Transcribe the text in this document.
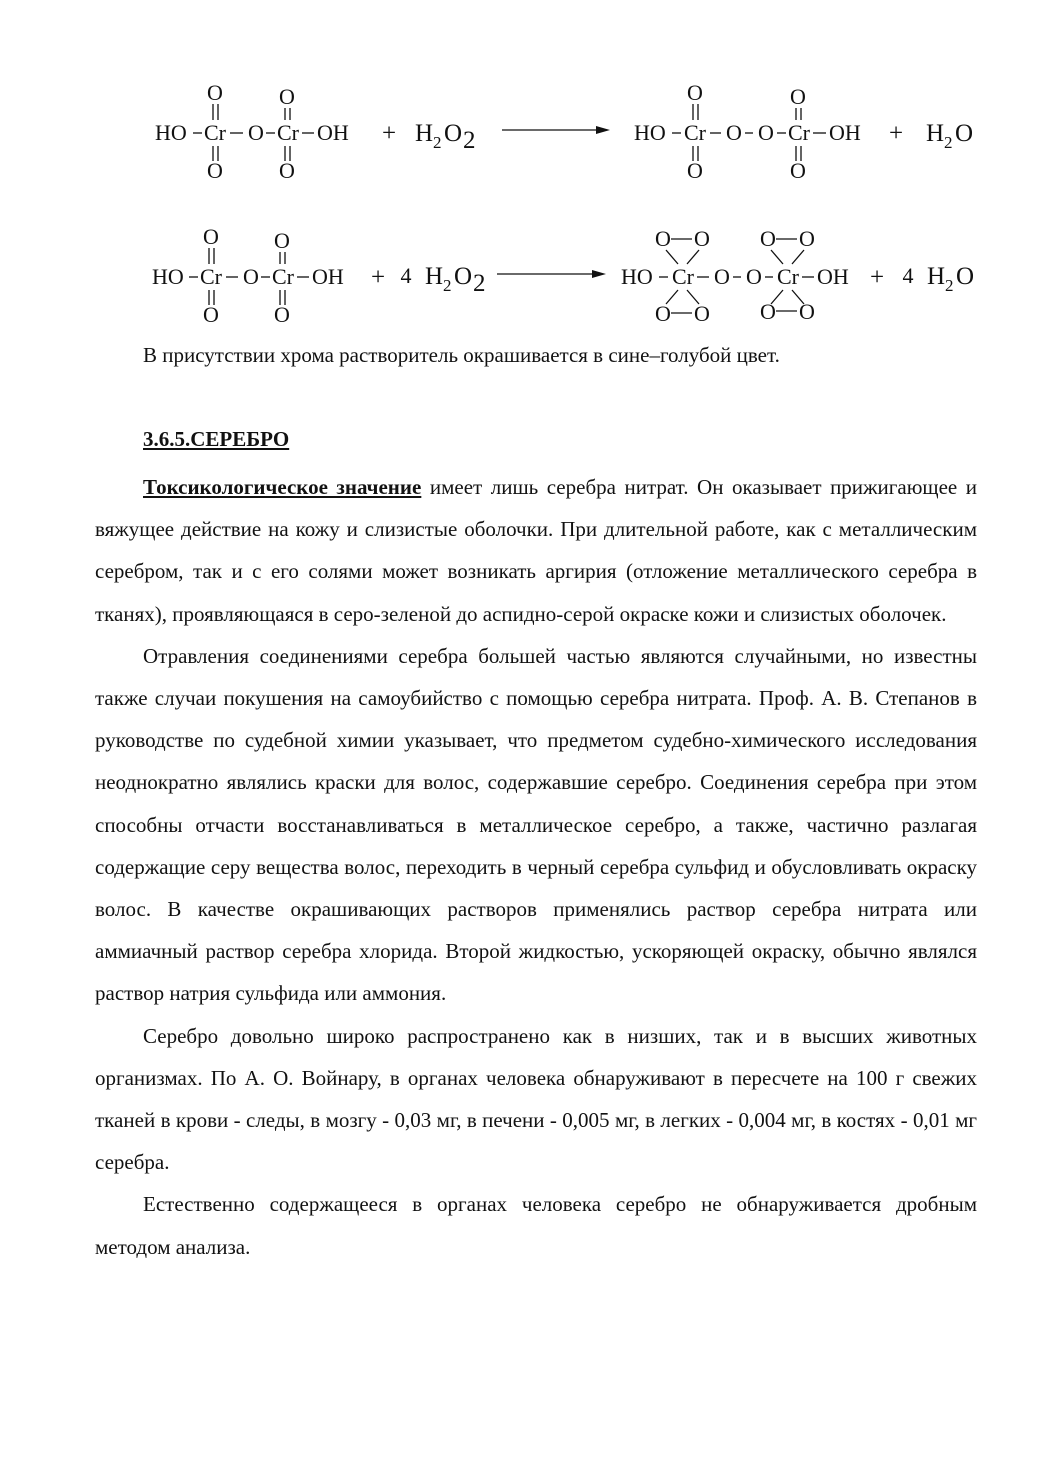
O	O
HO Cr O Cr OH
O	O
+ H 2 O 2
O	O
HO Cr O O Cr OH
O	O
+ H 2 O
O	O
HO Cr O Cr OH
O	O
+ 4 H 2 O 2
O O O O
HO Cr O O Cr OH
O O O O
+ 4 H 2 O
В присутствии хрома растворитель окрашивается в сине–голубой цвет.
3.6.5.СЕРЕБРО

Токсикологическое значение имеет лишь серебра нитрат. Он оказывает прижигающее и вяжущее действие на кожу и слизистые оболочки. При длительной работе, как с металлическим серебром, так и с его солями может возникать аргирия (отложение металлического серебра в тканях), проявляющаяся в серо-зеленой до аспидно-серой окраске кожи и слизистых оболочек.

Отравления соединениями серебра большей частью являются случайными, но известны также случаи покушения на самоубийство с помощью серебра нитрата. Проф. А. В. Степанов в руководстве по судебной химии указывает, что предметом судебно-химического исследования неоднократно являлись краски для волос, содержавшие серебро. Соединения серебра при этом способны отчасти восстанавливаться в металлическое серебро, а также, частично разлагая содержащие серу вещества волос, переходить в черный серебра сульфид и обусловливать окраску волос. В качестве окрашивающих растворов применялись раствор серебра нитрата или аммиачный раствор серебра хлорида. Второй жидкостью, ускоряющей окраску, обычно являлся раствор натрия сульфида или аммония.

Серебро довольно широко распространено как в низших, так и в высших животных организмах. По А. О. Войнару, в органах человека обнаруживают в пересчете на 100 г свежих тканей в крови - следы, в мозгу - 0,03 мг, в печени - 0,005 мг, в легких - 0,004 мг, в костях - 0,01 мг серебра.

Естественно содержащееся в органах человека серебро не обнаруживается дробным методом анализа.
